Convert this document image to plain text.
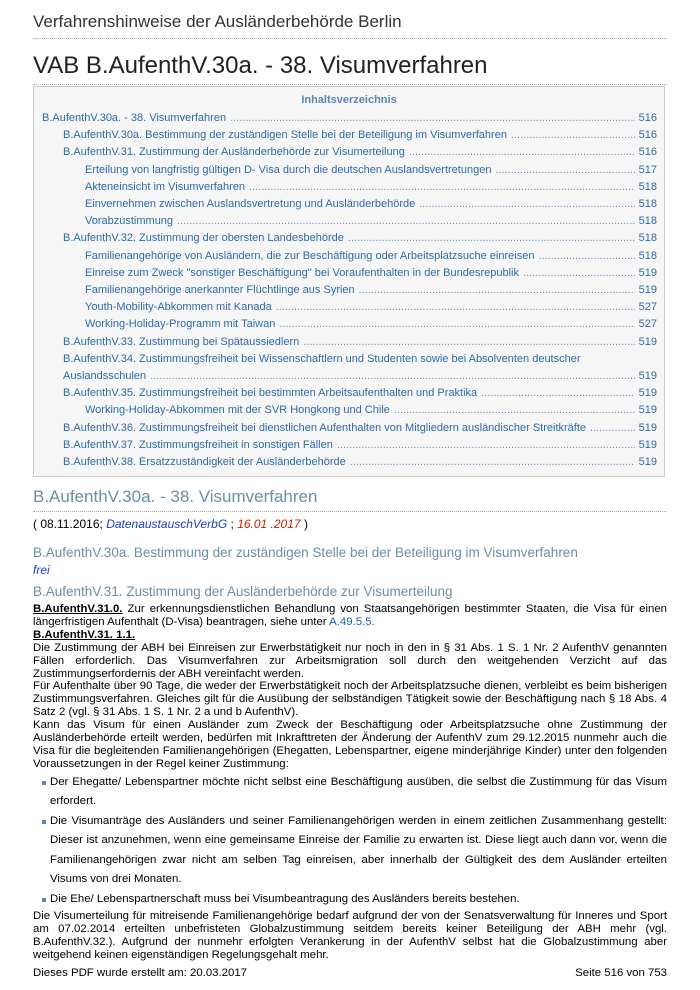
Verfahrenshinweise der Ausländerbehörde Berlin
VAB B.AufenthV.30a. - 38. Visumverfahren
Inhaltsverzeichnis
B.AufenthV.30a. - 38. Visumverfahren .....	516
B.AufenthV.30a. Bestimmung der zuständigen Stelle bei der Beteiligung im Visumverfahren .....	516
B.AufenthV.31. Zustimmung der Ausländerbehörde zur Visumerteilung .....	516
Erteilung von langfristig gültigen D- Visa durch die deutschen Auslandsvertretungen .....	517
Akteneinsicht im Visumverfahren .....	518
Einvernehmen zwischen Auslandsvertretung und Ausländerbehörde .....	518
Vorabzustimmung .....	518
B.AufenthV.32. Zustimmung der obersten Landesbehörde .....	518
Familienangehörige von Ausländern, die zur Beschäftigung oder Arbeitsplatzsuche einreisen .....	518
Einreise zum Zweck "sonstiger Beschäftigung" bei Voraufenthalten in der Bundesrepublik .....	519
Familienangehörige anerkannter Flüchtlinge aus Syrien .....	519
Youth-Mobility-Abkommen mit Kanada .....	527
Working-Holiday-Programm mit Taiwan .....	527
B.AufenthV.33. Zustimmung bei Spätaussiedlern .....	519
B.AufenthV.34. Zustimmungsfreiheit bei Wissenschaftlern und Studenten sowie bei Absolventen deutscher
Auslandsschulen .....	519
B.AufenthV.35. Zustimmungsfreiheit bei bestimmten Arbeitsaufenthalten und Praktika .....	519
Working-Holiday-Abkommen mit der SVR Hongkong und Chile .....	519
B.AufenthV.36. Zustimmungsfreiheit bei dienstlichen Aufenthalten von Mitgliedern ausländischer Streitkräfte .....	519
B.AufenthV.37. Zustimmungsfreiheit in sonstigen Fällen .....	519
B.AufenthV.38. Ersatzzuständigkeit der Ausländerbehörde .....	519
B.AufenthV.30a. - 38. Visumverfahren
( 08.11.2016; DatenaustauschVerbG ; 16.01 .2017 )
B.AufenthV.30a. Bestimmung der zuständigen Stelle bei der Beteiligung im Visumverfahren
frei
B.AufenthV.31. Zustimmung der Ausländerbehörde zur Visumerteilung

B.AufenthV.31.0. Zur erkennungsdienstlichen Behandlung von Staatsangehörigen bestimmter Staaten, die Visa für einen längerfristigen Aufenthalt (D-Visa) beantragen, siehe unter A.49.5.5.

B.AufenthV.31. 1.1.

Die Zustimmung der ABH bei Einreisen zur Erwerbstätigkeit nur noch in den in § 31 Abs. 1 S. 1 Nr. 2 AufenthV genannten Fällen erforderlich. Das Visumverfahren zur Arbeitsmigration soll durch den weitgehenden Verzicht auf das Zustimmungserfordernis der ABH vereinfacht werden.

Für Aufenthalte über 90 Tage, die weder der Erwerbstätigkeit noch der Arbeitsplatzsuche dienen, verbleibt es beim bisherigen Zustimmungsverfahren. Gleiches gilt für die Ausübung der selbständigen Tätigkeit sowie der Beschäftigung nach § 18 Abs. 4 Satz 2 (vgl. § 31 Abs. 1 S. 1 Nr. 2 a und b AufenthV).

Kann das Visum für einen Ausländer zum Zweck der Beschäftigung oder Arbeitsplatzsuche ohne Zustimmung der Ausländerbehörde erteilt werden, bedürfen mit Inkrafttreten der Änderung der AufenthV zum 29.12.2015 nunmehr auch die Visa für die begleitenden Familienangehörigen (Ehegatten, Lebenspartner, eigene minderjährige Kinder) unter den folgenden Voraussetzungen in der Regel keiner Zustimmung:

Der Ehegatte/ Lebenspartner möchte nicht selbst eine Beschäftigung ausüben, die selbst die Zustimmung für das Visum erfordert.
Die Visumanträge des Ausländers und seiner Familienangehörigen werden in einem zeitlichen Zusammenhang gestellt: Dieser ist anzunehmen, wenn eine gemeinsame Einreise der Familie zu erwarten ist. Diese liegt auch dann vor, wenn die Familienangehörigen zwar nicht am selben Tag einreisen, aber innerhalb der Gültigkeit des dem Ausländer erteilten Visums von drei Monaten.
Die Ehe/ Lebenspartnerschaft muss bei Visumbeantragung des Ausländers bereits bestehen.

Die Visumerteilung für mitreisende Familienangehörige bedarf aufgrund der von der Senatsverwaltung für Inneres und Sport am 07.02.2014 erteilten unbefristeten Globalzustimmung seitdem bereits keiner Beteiligung der ABH mehr (vgl. B.AufenthV.32.). Aufgrund der nunmehr erfolgten Verankerung in der AufenthV selbst hat die Globalzustimmung aber weitgehend keinen eigenständigen Regelungsgehalt mehr.

Dieses PDF wurde erstellt am: 20.03.2017	Seite 516 von 753
